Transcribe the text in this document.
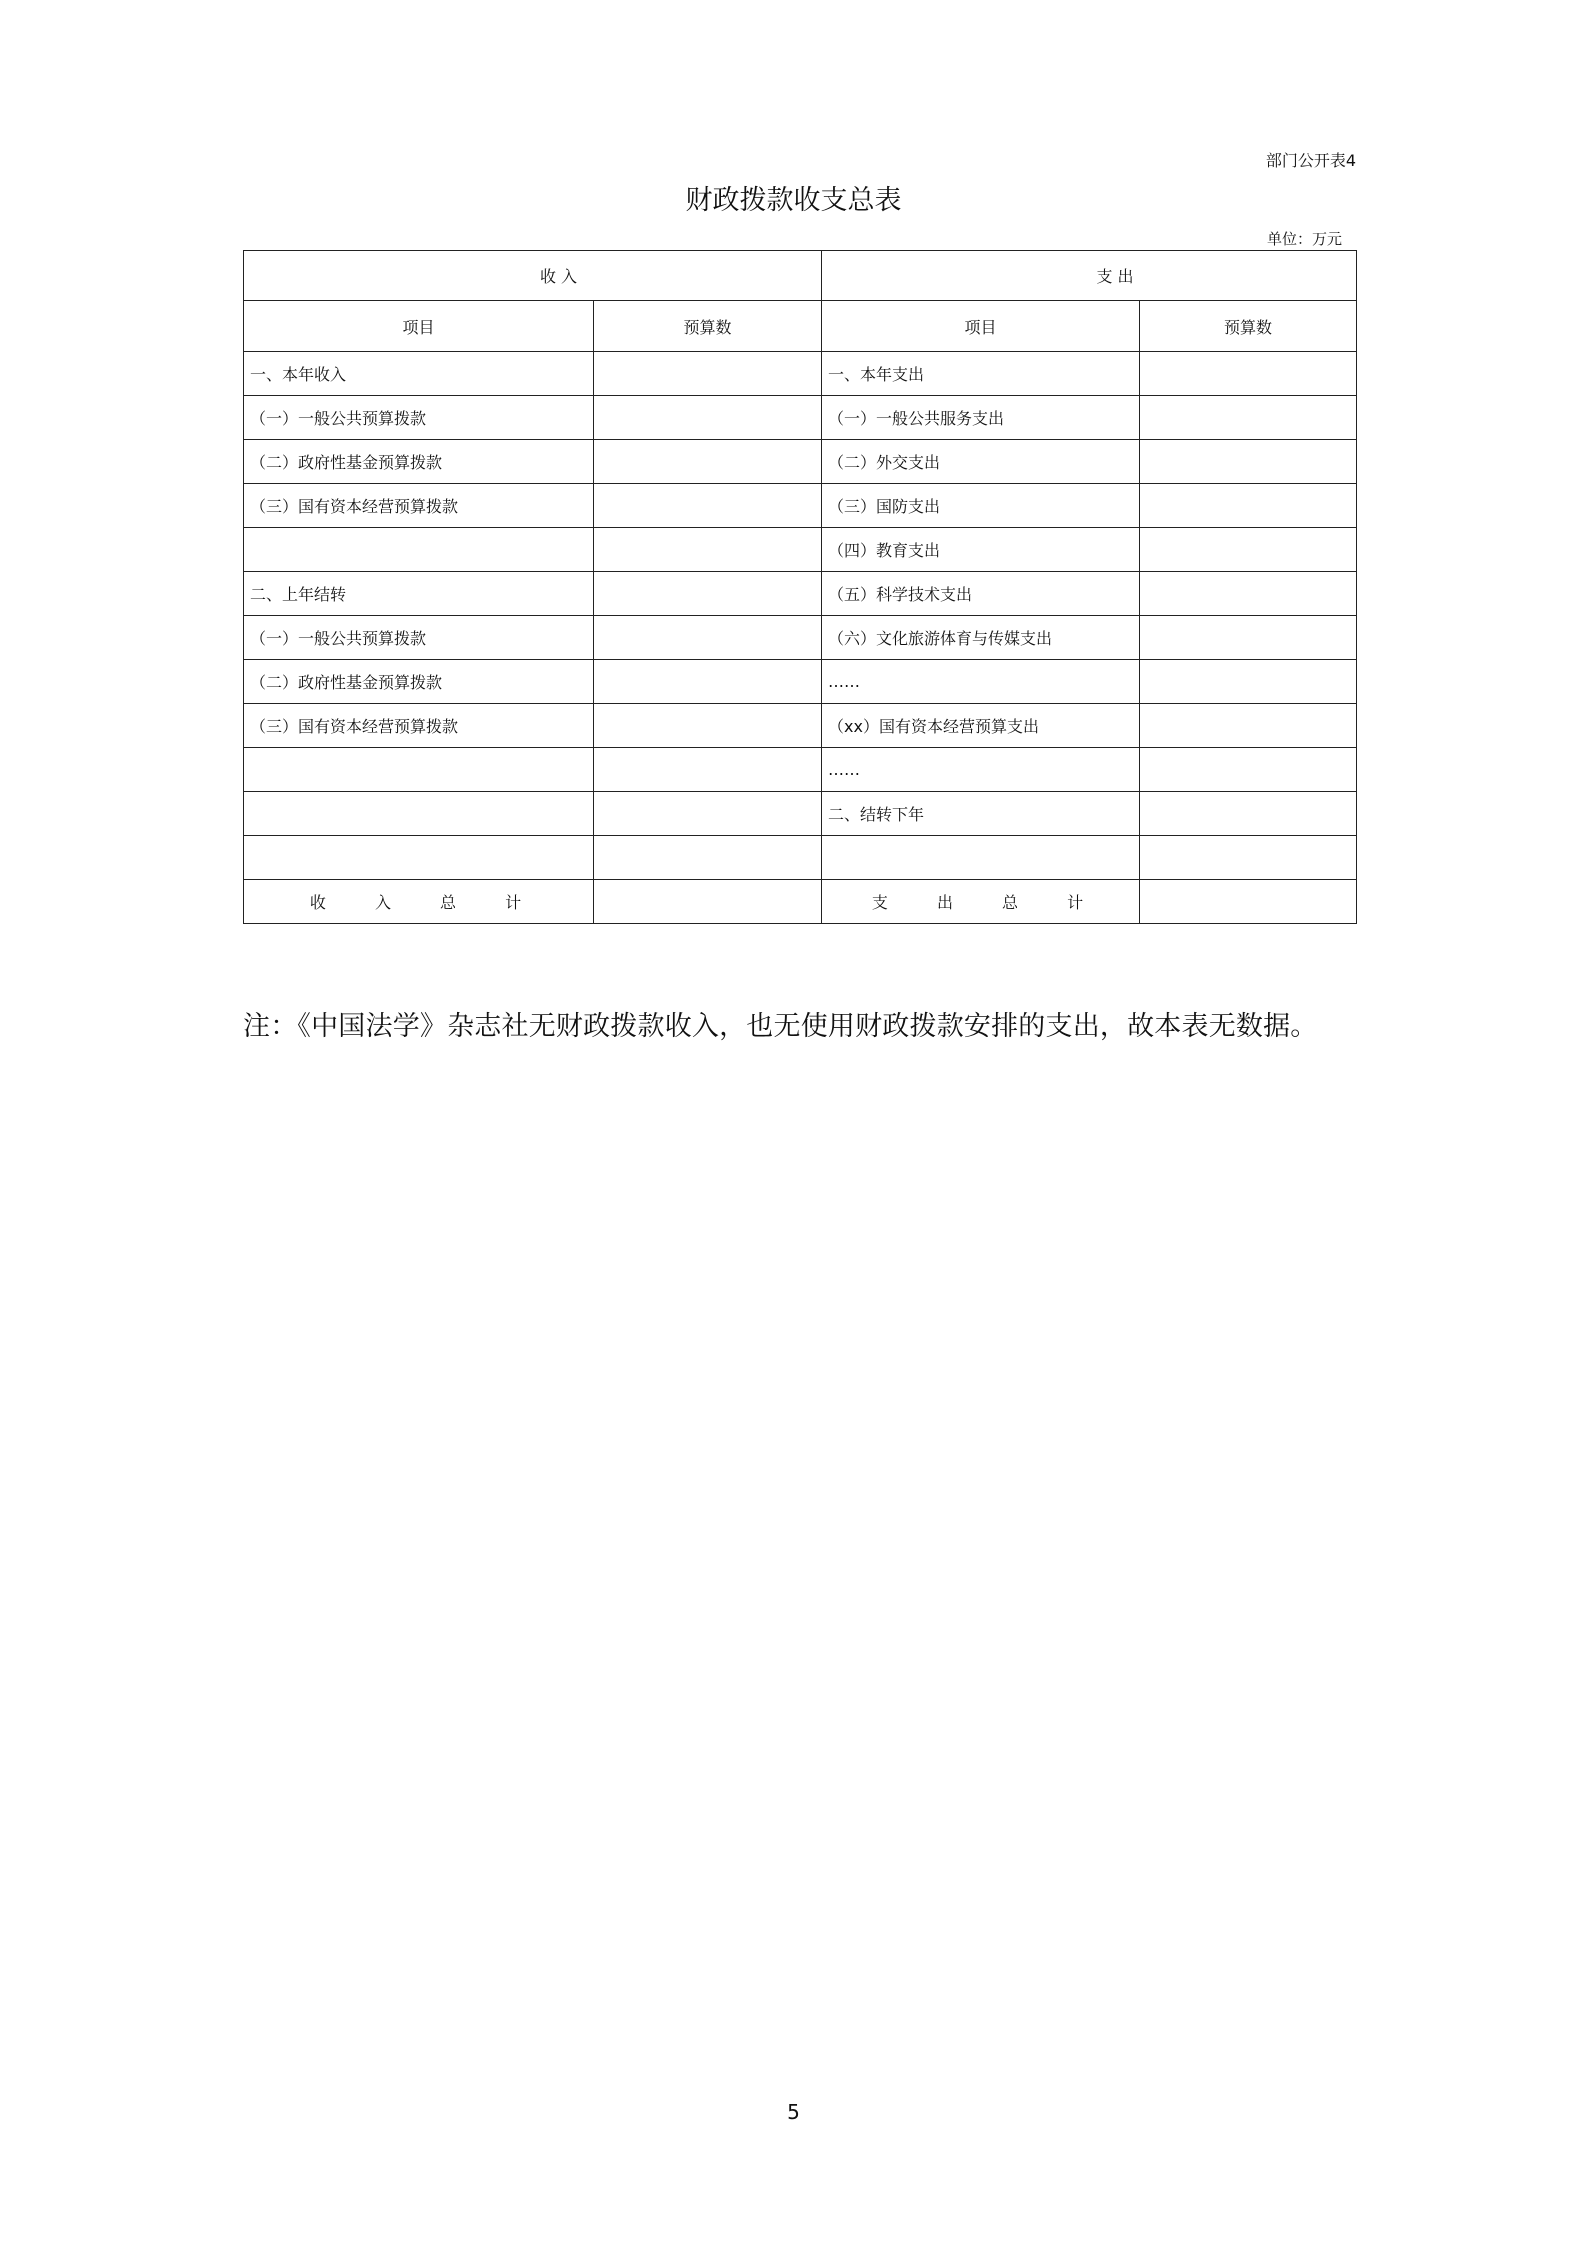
部门公开表4
财政拨款收支总表
单位：万元
收 入		支 出	
项目	预算数	项目	预算数
一、本年收入		一、本年支出	
（一）一般公共预算拨款		（一）一般公共服务支出	
（二）政府性基金预算拨款		（二）外交支出	
（三）国有资本经营预算拨款		（三）国防支出	
		（四）教育支出	
二、上年结转		（五）科学技术支出	
（一）一般公共预算拨款		（六）文化旅游体育与传媒支出	
（二）政府性基金预算拨款		……	
（三）国有资本经营预算拨款		（xx）国有资本经营预算支出	
		……	
		二、结转下年	

收 入 总 计		支 出 总 计	
注：《中国法学》杂志社无财政拨款收入，也无使用财政拨款安排的支出，故本表无数据。
5
